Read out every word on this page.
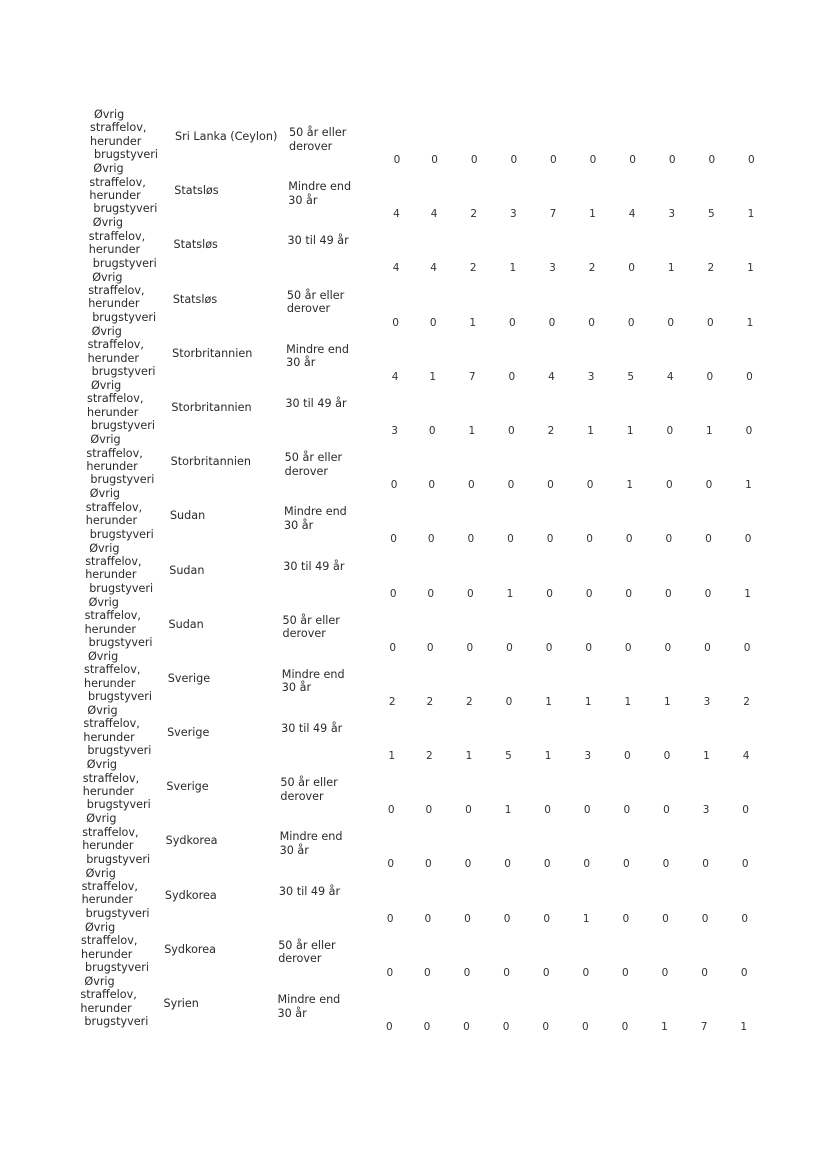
Øvrig
straffelov,
herunder
brugstyveri
Sri Lanka (Ceylon) 50 år eller derover
0	0	0	0	0	0	0	0	0	0
Øvrig
straffelov,
herunder
brugstyveri
Statsløs	Mindre end 30 år
4	4	2	3	7	1	4	3	5	1
Øvrig
straffelov,
herunder
brugstyveri
Statsløs	30 til 49 år
4	4	2	1	3	2	0	1	2	1
Øvrig
straffelov,
herunder
brugstyveri
Statsløs	50 år eller derover
0	0	1	0	0	0	0	0	0	1
Øvrig
straffelov,
herunder
brugstyveri
Storbritannien	Mindre end 30 år
4	1	7	0	4	3	5	4	0	0
Øvrig
straffelov,
herunder
brugstyveri
Storbritannien	30 til 49 år
3	0	1	0	2	1	1	0	1	0
Øvrig
straffelov,
herunder
brugstyveri
Storbritannien	50 år eller derover
0	0	0	0	0	0	1	0	0	1
Øvrig
straffelov,
herunder
brugstyveri
Sudan	Mindre end 30 år
0	0	0	0	0	0	0	0	0	0
Øvrig
straffelov,
herunder
brugstyveri
Sudan	30 til 49 år
0	0	0	1	0	0	0	0	0	1
Øvrig
straffelov,
herunder
brugstyveri
Sudan	50 år eller derover
0	0	0	0	0	0	0	0	0	0
Øvrig
straffelov,
herunder
brugstyveri
Sverige	Mindre end 30 år
2	2	2	0	1	1	1	1	3	2
Øvrig
straffelov,
herunder
brugstyveri
Sverige	30 til 49 år
1	2	1	5	1	3	0	0	1	4
Øvrig
straffelov,
herunder
brugstyveri
Sverige	50 år eller derover
0	0	0	1	0	0	0	0	3	0
Øvrig
straffelov,
herunder
brugstyveri
Sydkorea	Mindre end 30 år
0	0	0	0	0	0	0	0	0	0
Øvrig
straffelov,
herunder
brugstyveri
Sydkorea	30 til 49 år
0	0	0	0	0	1	0	0	0	0
Øvrig
straffelov,
herunder
brugstyveri
Sydkorea	50 år eller derover
0	0	0	0	0	0	0	0	0	0
Øvrig
straffelov,
herunder
brugstyveri
Syrien	Mindre end 30 år
0	0	0	0	0	0	0	1	7	1
